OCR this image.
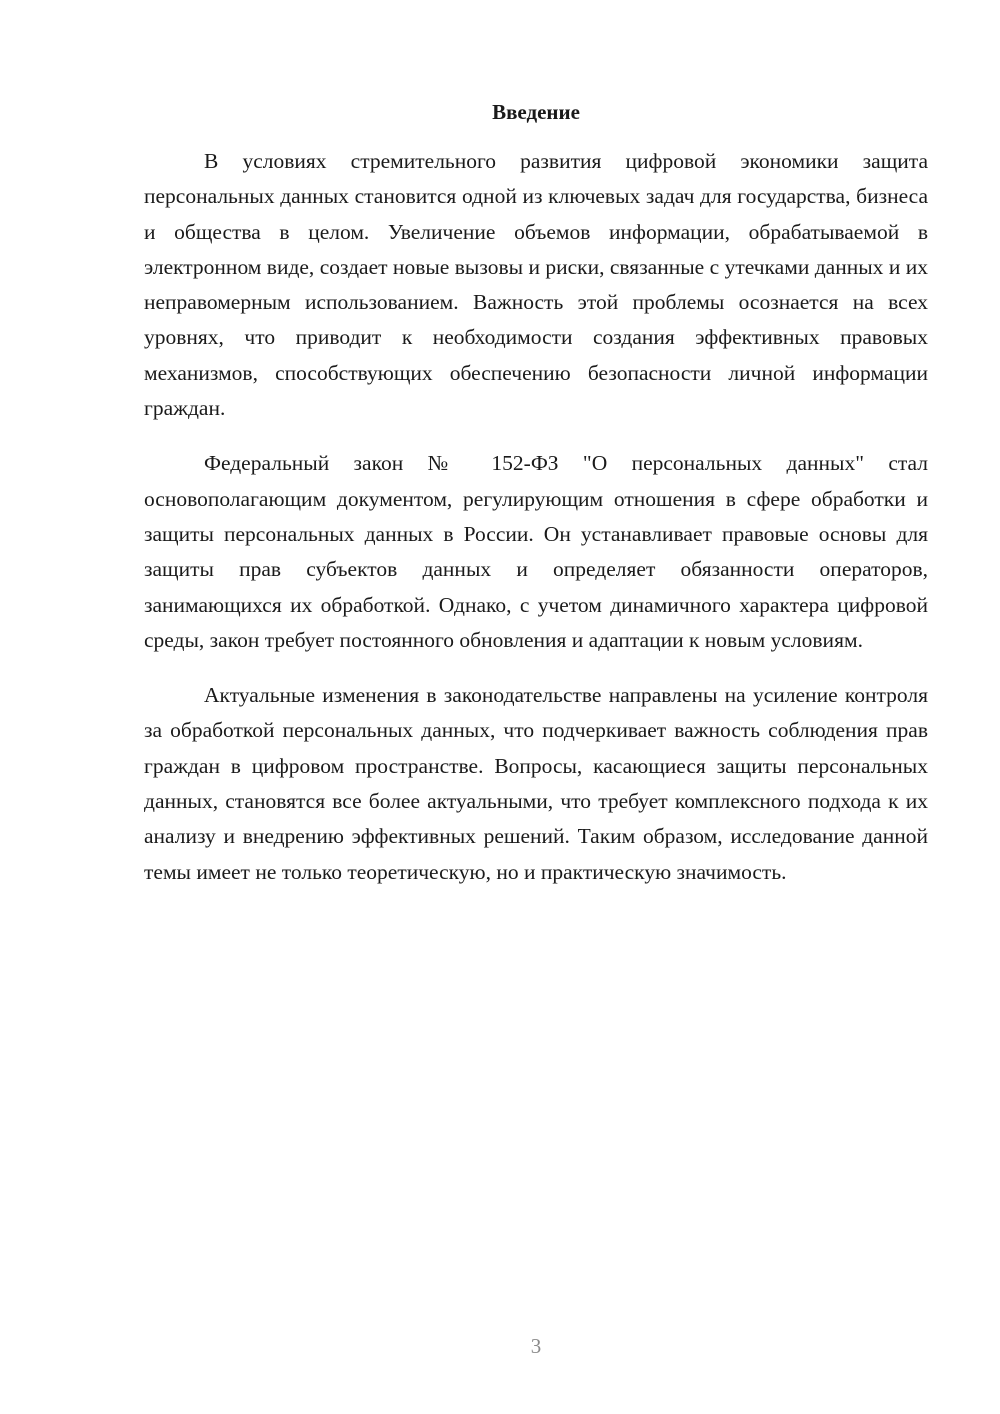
Введение

В условиях стремительного развития цифровой экономики защита персональных данных становится одной из ключевых задач для государства, бизнеса и общества в целом. Увеличение объемов информации, обрабатываемой в электронном виде, создает новые вызовы и риски, связанные с утечками данных и их неправомерным использованием. Важность этой проблемы осознается на всех уровнях, что приводит к необходимости создания эффективных правовых механизмов, способствующих обеспечению безопасности личной информации граждан.

Федеральный закон № 152-ФЗ "О персональных данных" стал основополагающим документом, регулирующим отношения в сфере обработки и защиты персональных данных в России. Он устанавливает правовые основы для защиты прав субъектов данных и определяет обязанности операторов, занимающихся их обработкой. Однако, с учетом динамичного характера цифровой среды, закон требует постоянного обновления и адаптации к новым условиям.

Актуальные изменения в законодательстве направлены на усиление контроля за обработкой персональных данных, что подчеркивает важность соблюдения прав граждан в цифровом пространстве. Вопросы, касающиеся защиты персональных данных, становятся все более актуальными, что требует комплексного подхода к их анализу и внедрению эффективных решений. Таким образом, исследование данной темы имеет не только теоретическую, но и практическую значимость.

3
